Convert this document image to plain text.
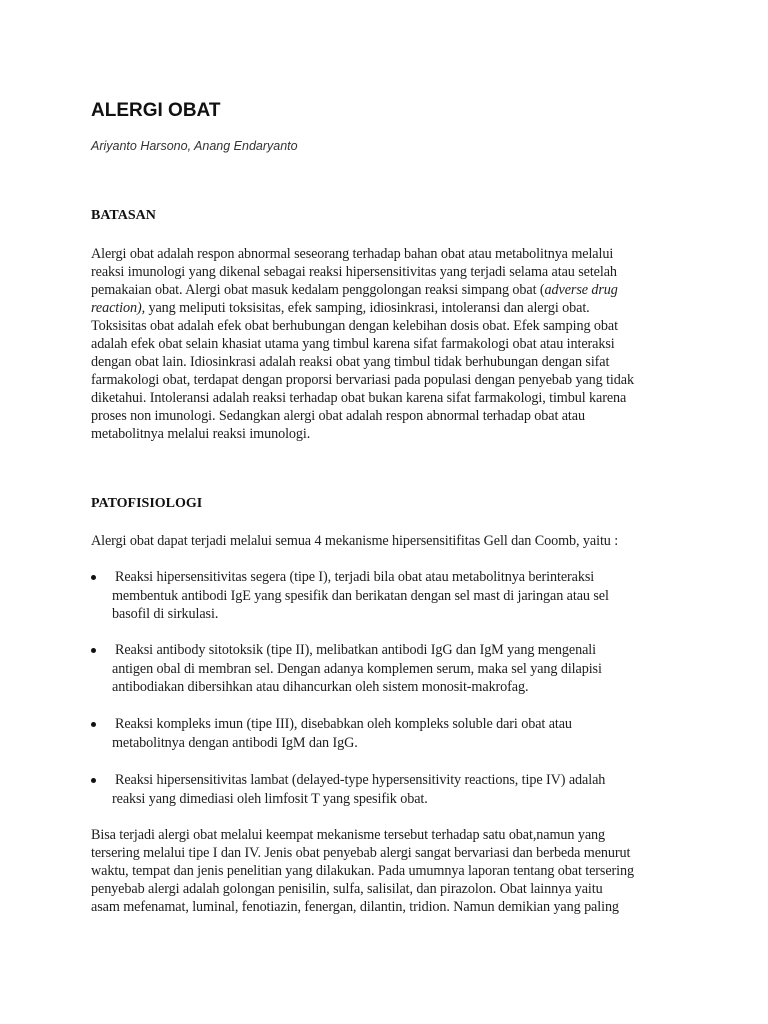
ALERGI OBAT

Ariyanto Harsono, Anang Endaryanto

BATASAN
Alergi obat adalah respon abnormal seseorang terhadap bahan obat atau metabolitnya melalui
reaksi imunologi yang dikenal sebagai reaksi hipersensitivitas yang terjadi selama atau setelah
pemakaian obat. Alergi obat masuk kedalam penggolongan reaksi simpang obat (adverse drug
reaction), yang meliputi toksisitas, efek samping, idiosinkrasi, intoleransi dan alergi obat.
Toksisitas obat adalah efek obat berhubungan dengan kelebihan dosis obat. Efek samping obat
adalah efek obat selain khasiat utama yang timbul karena sifat farmakologi obat atau interaksi
dengan obat lain. Idiosinkrasi adalah reaksi obat yang timbul tidak berhubungan dengan sifat
farmakologi obat, terdapat dengan proporsi bervariasi pada populasi dengan penyebab yang tidak
diketahui. Intoleransi adalah reaksi terhadap obat bukan karena sifat farmakologi, timbul karena
proses non imunologi. Sedangkan alergi obat adalah respon abnormal terhadap obat atau
metabolitnya melalui reaksi imunologi.
PATOFISIOLOGI
Alergi obat dapat terjadi melalui semua 4 mekanisme hipersensitifitas Gell dan Coomb, yaitu :
Reaksi hipersensitivitas segera (tipe I), terjadi bila obat atau metabolitnya berinteraksi
membentuk antibodi IgE yang spesifik dan berikatan dengan sel mast di jaringan atau sel
basofil di sirkulasi.
Reaksi antibody sitotoksik (tipe II), melibatkan antibodi IgG dan IgM yang mengenali
antigen obal di membran sel. Dengan adanya komplemen serum, maka sel yang dilapisi
antibodiakan dibersihkan atau dihancurkan oleh sistem monosit-makrofag.
Reaksi kompleks imun (tipe III), disebabkan oleh kompleks soluble dari obat atau
metabolitnya dengan antibodi IgM dan IgG.
Reaksi hipersensitivitas lambat (delayed-type hypersensitivity reactions, tipe IV) adalah
reaksi yang dimediasi oleh limfosit T yang spesifik obat.
Bisa terjadi alergi obat melalui keempat mekanisme tersebut terhadap satu obat,namun yang
tersering melalui tipe I dan IV. Jenis obat penyebab alergi sangat bervariasi dan berbeda menurut
waktu, tempat dan jenis penelitian yang dilakukan. Pada umumnya laporan tentang obat tersering
penyebab alergi adalah golongan penisilin, sulfa, salisilat, dan pirazolon. Obat lainnya yaitu
asam mefenamat, luminal, fenotiazin, fenergan, dilantin, tridion. Namun demikian yang paling
